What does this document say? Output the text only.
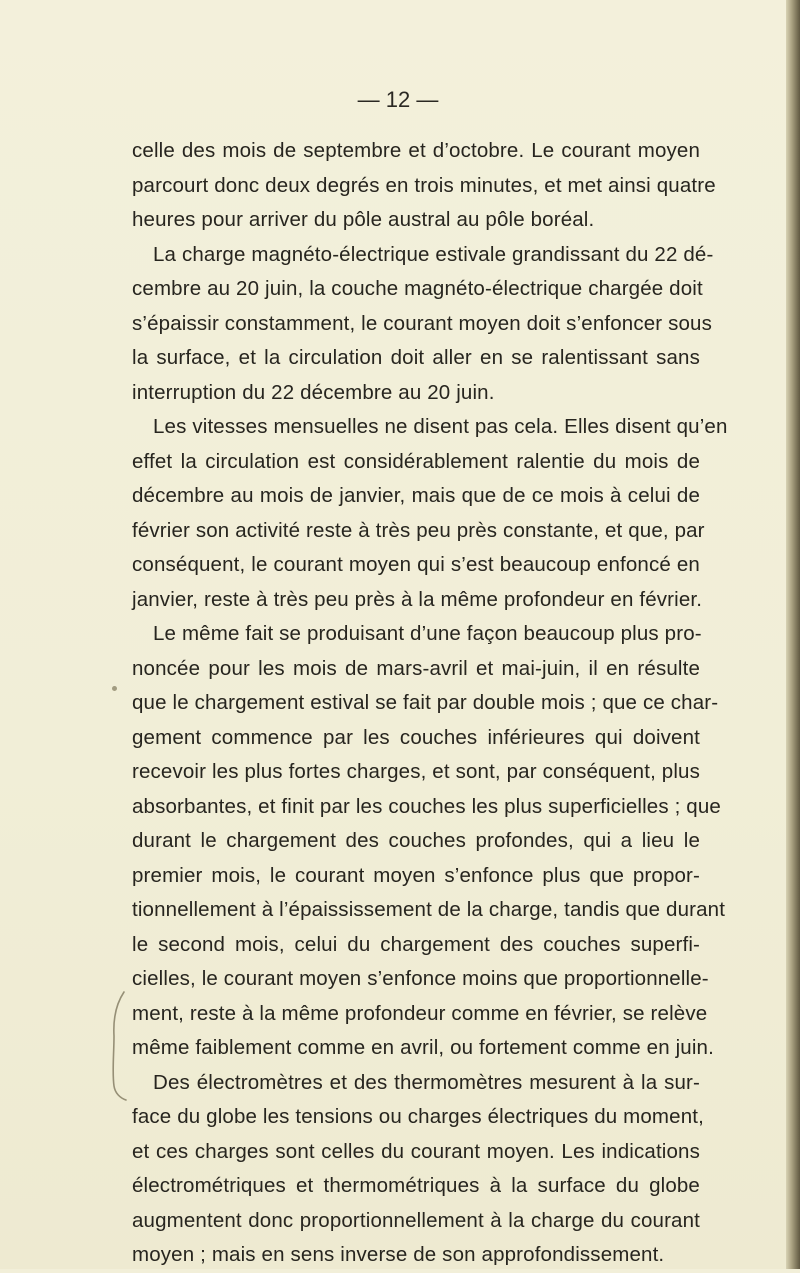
— 12 —
celle des mois de septembre et d’octobre. Le courant moyen
parcourt donc deux degrés en trois minutes, et met ainsi quatre
heures pour arriver du pôle austral au pôle boréal.
La charge magnéto-électrique estivale grandissant du 22 dé-
cembre au 20 juin, la couche magnéto-électrique chargée doit
s’épaissir constamment, le courant moyen doit s’enfoncer sous
la surface, et la circulation doit aller en se ralentissant sans
interruption du 22 décembre au 20 juin.
Les vitesses mensuelles ne disent pas cela. Elles disent qu’en
effet la circulation est considérablement ralentie du mois de
décembre au mois de janvier, mais que de ce mois à celui de
février son activité reste à très peu près constante, et que, par
conséquent, le courant moyen qui s’est beaucoup enfoncé en
janvier, reste à très peu près à la même profondeur en février.
Le même fait se produisant d’une façon beaucoup plus pro-
noncée pour les mois de mars-avril et mai-juin, il en résulte
que le chargement estival se fait par double mois ; que ce char-
gement commence par les couches inférieures qui doivent
recevoir les plus fortes charges, et sont, par conséquent, plus
absorbantes, et finit par les couches les plus superficielles ; que
durant le chargement des couches profondes, qui a lieu le
premier mois, le courant moyen s’enfonce plus que propor-
tionnellement à l’épaississement de la charge, tandis que durant
le second mois, celui du chargement des couches superfi-
cielles, le courant moyen s’enfonce moins que proportionnelle-
ment, reste à la même profondeur comme en février, se relève
même faiblement comme en avril, ou fortement comme en juin.
Des électromètres et des thermomètres mesurent à la sur-
face du globe les tensions ou charges électriques du moment,
et ces charges sont celles du courant moyen. Les indications
électrométriques et thermométriques à la surface du globe
augmentent donc proportionnellement à la charge du courant
moyen ; mais en sens inverse de son approfondissement.
